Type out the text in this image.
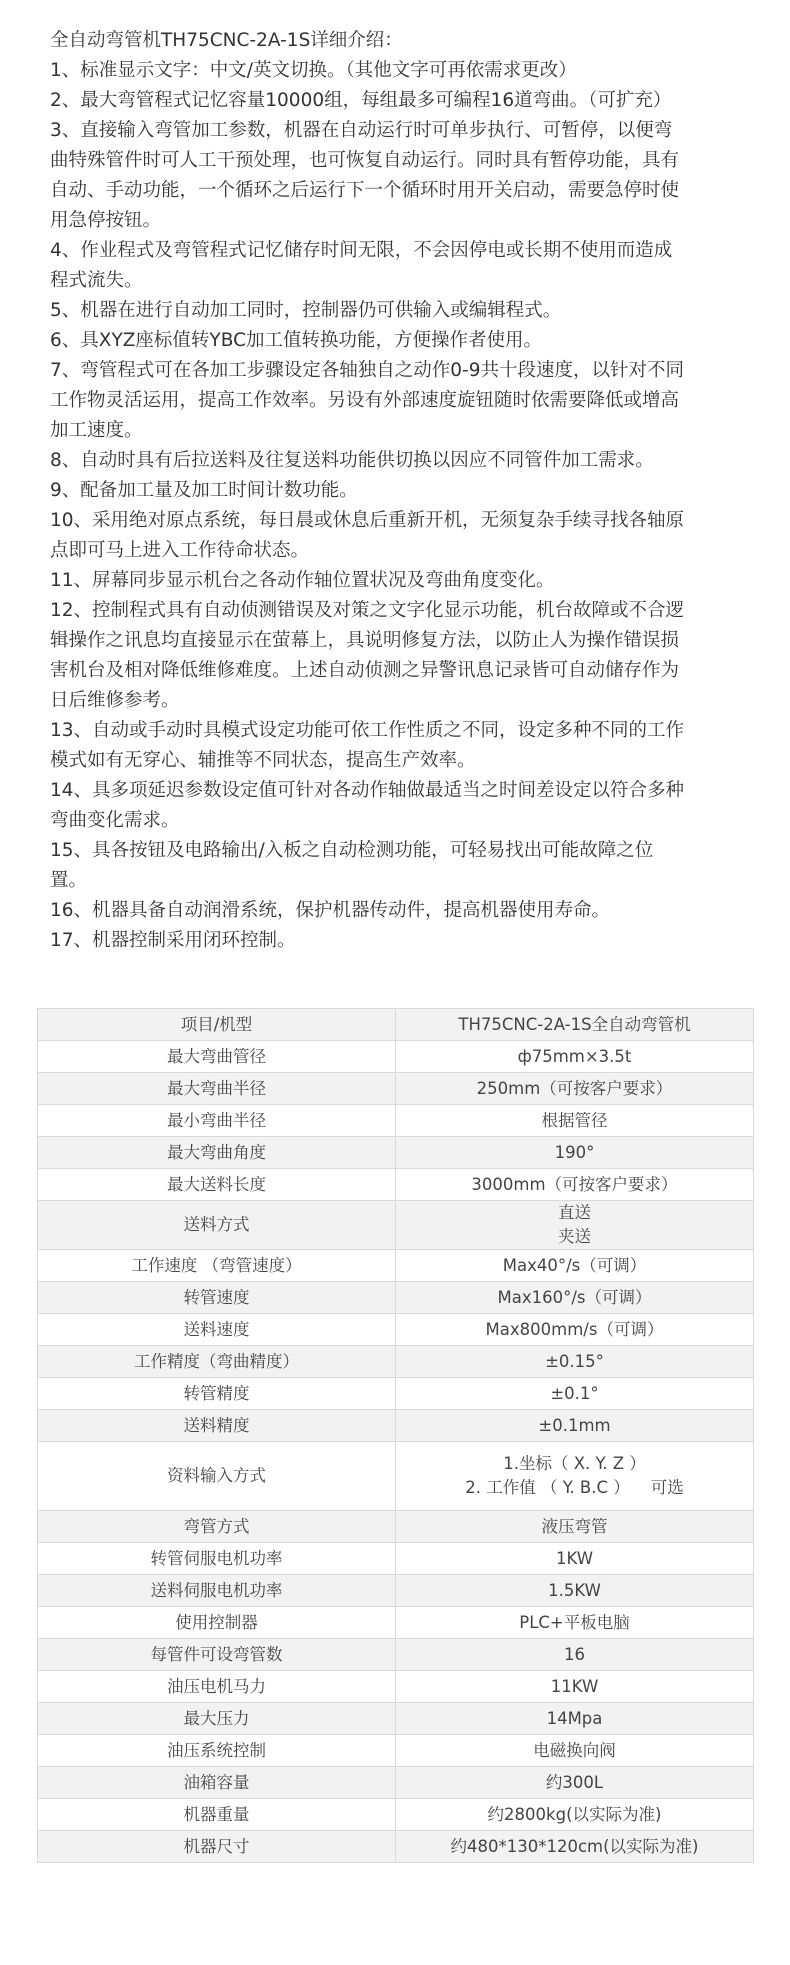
全自动弯管机TH75CNC-2A-1S详细介绍：
1、标准显示文字：中文/英文切换。（其他文字可再依需求更改）
2、最大弯管程式记忆容量10000组，每组最多可编程16道弯曲。（可扩充）
3、直接输入弯管加工参数，机器在自动运行时可单步执行、可暂停，以便弯
曲特殊管件时可人工干预处理，也可恢复自动运行。同时具有暂停功能，具有
自动、手动功能，一个循环之后运行下一个循环时用开关启动，需要急停时使
用急停按钮。
4、作业程式及弯管程式记忆储存时间无限，不会因停电或长期不使用而造成
程式流失。
5、机器在进行自动加工同时，控制器仍可供输入或编辑程式。
6、具XYZ座标值转YBC加工值转换功能，方便操作者使用。
7、弯管程式可在各加工步骤设定各轴独自之动作0-9共十段速度，以针对不同
工作物灵活运用，提高工作效率。另设有外部速度旋钮随时依需要降低或增高
加工速度。
8、自动时具有后拉送料及往复送料功能供切换以因应不同管件加工需求。
9、配备加工量及加工时间计数功能。
10、采用绝对原点系统，每日晨或休息后重新开机，无须复杂手续寻找各轴原
点即可马上进入工作待命状态。
11、屏幕同步显示机台之各动作轴位置状况及弯曲角度变化。
12、控制程式具有自动侦测错误及对策之文字化显示功能，机台故障或不合逻
辑操作之讯息均直接显示在萤幕上，具说明修复方法，以防止人为操作错误损
害机台及相对降低维修难度。上述自动侦测之异警讯息记录皆可自动储存作为
日后维修参考。
13、自动或手动时具模式设定功能可依工作性质之不同，设定多种不同的工作
模式如有无穿心、辅推等不同状态，提高生产效率。
14、具多项延迟参数设定值可针对各动作轴做最适当之时间差设定以符合多种
弯曲变化需求。
15、具各按钮及电路输出/入板之自动检测功能，可轻易找出可能故障之位
置。
16、机器具备自动润滑系统，保护机器传动件，提高机器使用寿命。
17、机器控制采用闭环控制。
项目/机型	TH75CNC-2A-1S全自动弯管机

最大弯曲管径	ф75mm×3.5t

最大弯曲半径	250mm（可按客户要求）

最小弯曲半径	根据管径

最大弯曲角度	190°

最大送料长度	3000mm（可按客户要求）

送料方式	直送
夹送

工作速度 （弯管速度）	Max40°/s（可调）

转管速度	Max160°/s（可调）

送料速度	Max800mm/s（可调）

工作精度（弯曲精度）	±0.15°

转管精度	±0.1°

送料精度	±0.1mm

资料输入方式	1.坐标（ X. Y. Z ）
2. 工作值 （ Y. B.C ）    可选

弯管方式	液压弯管

转管伺服电机功率	1KW

送料伺服电机功率	1.5KW

使用控制器	PLC+平板电脑

每管件可设弯管数	16

油压电机马力	11KW

最大压力	14Mpa

油压系统控制	电磁换向阀

油箱容量	约300L

机器重量	约2800kg(以实际为准)

机器尺寸	约480*130*120cm(以实际为准)
